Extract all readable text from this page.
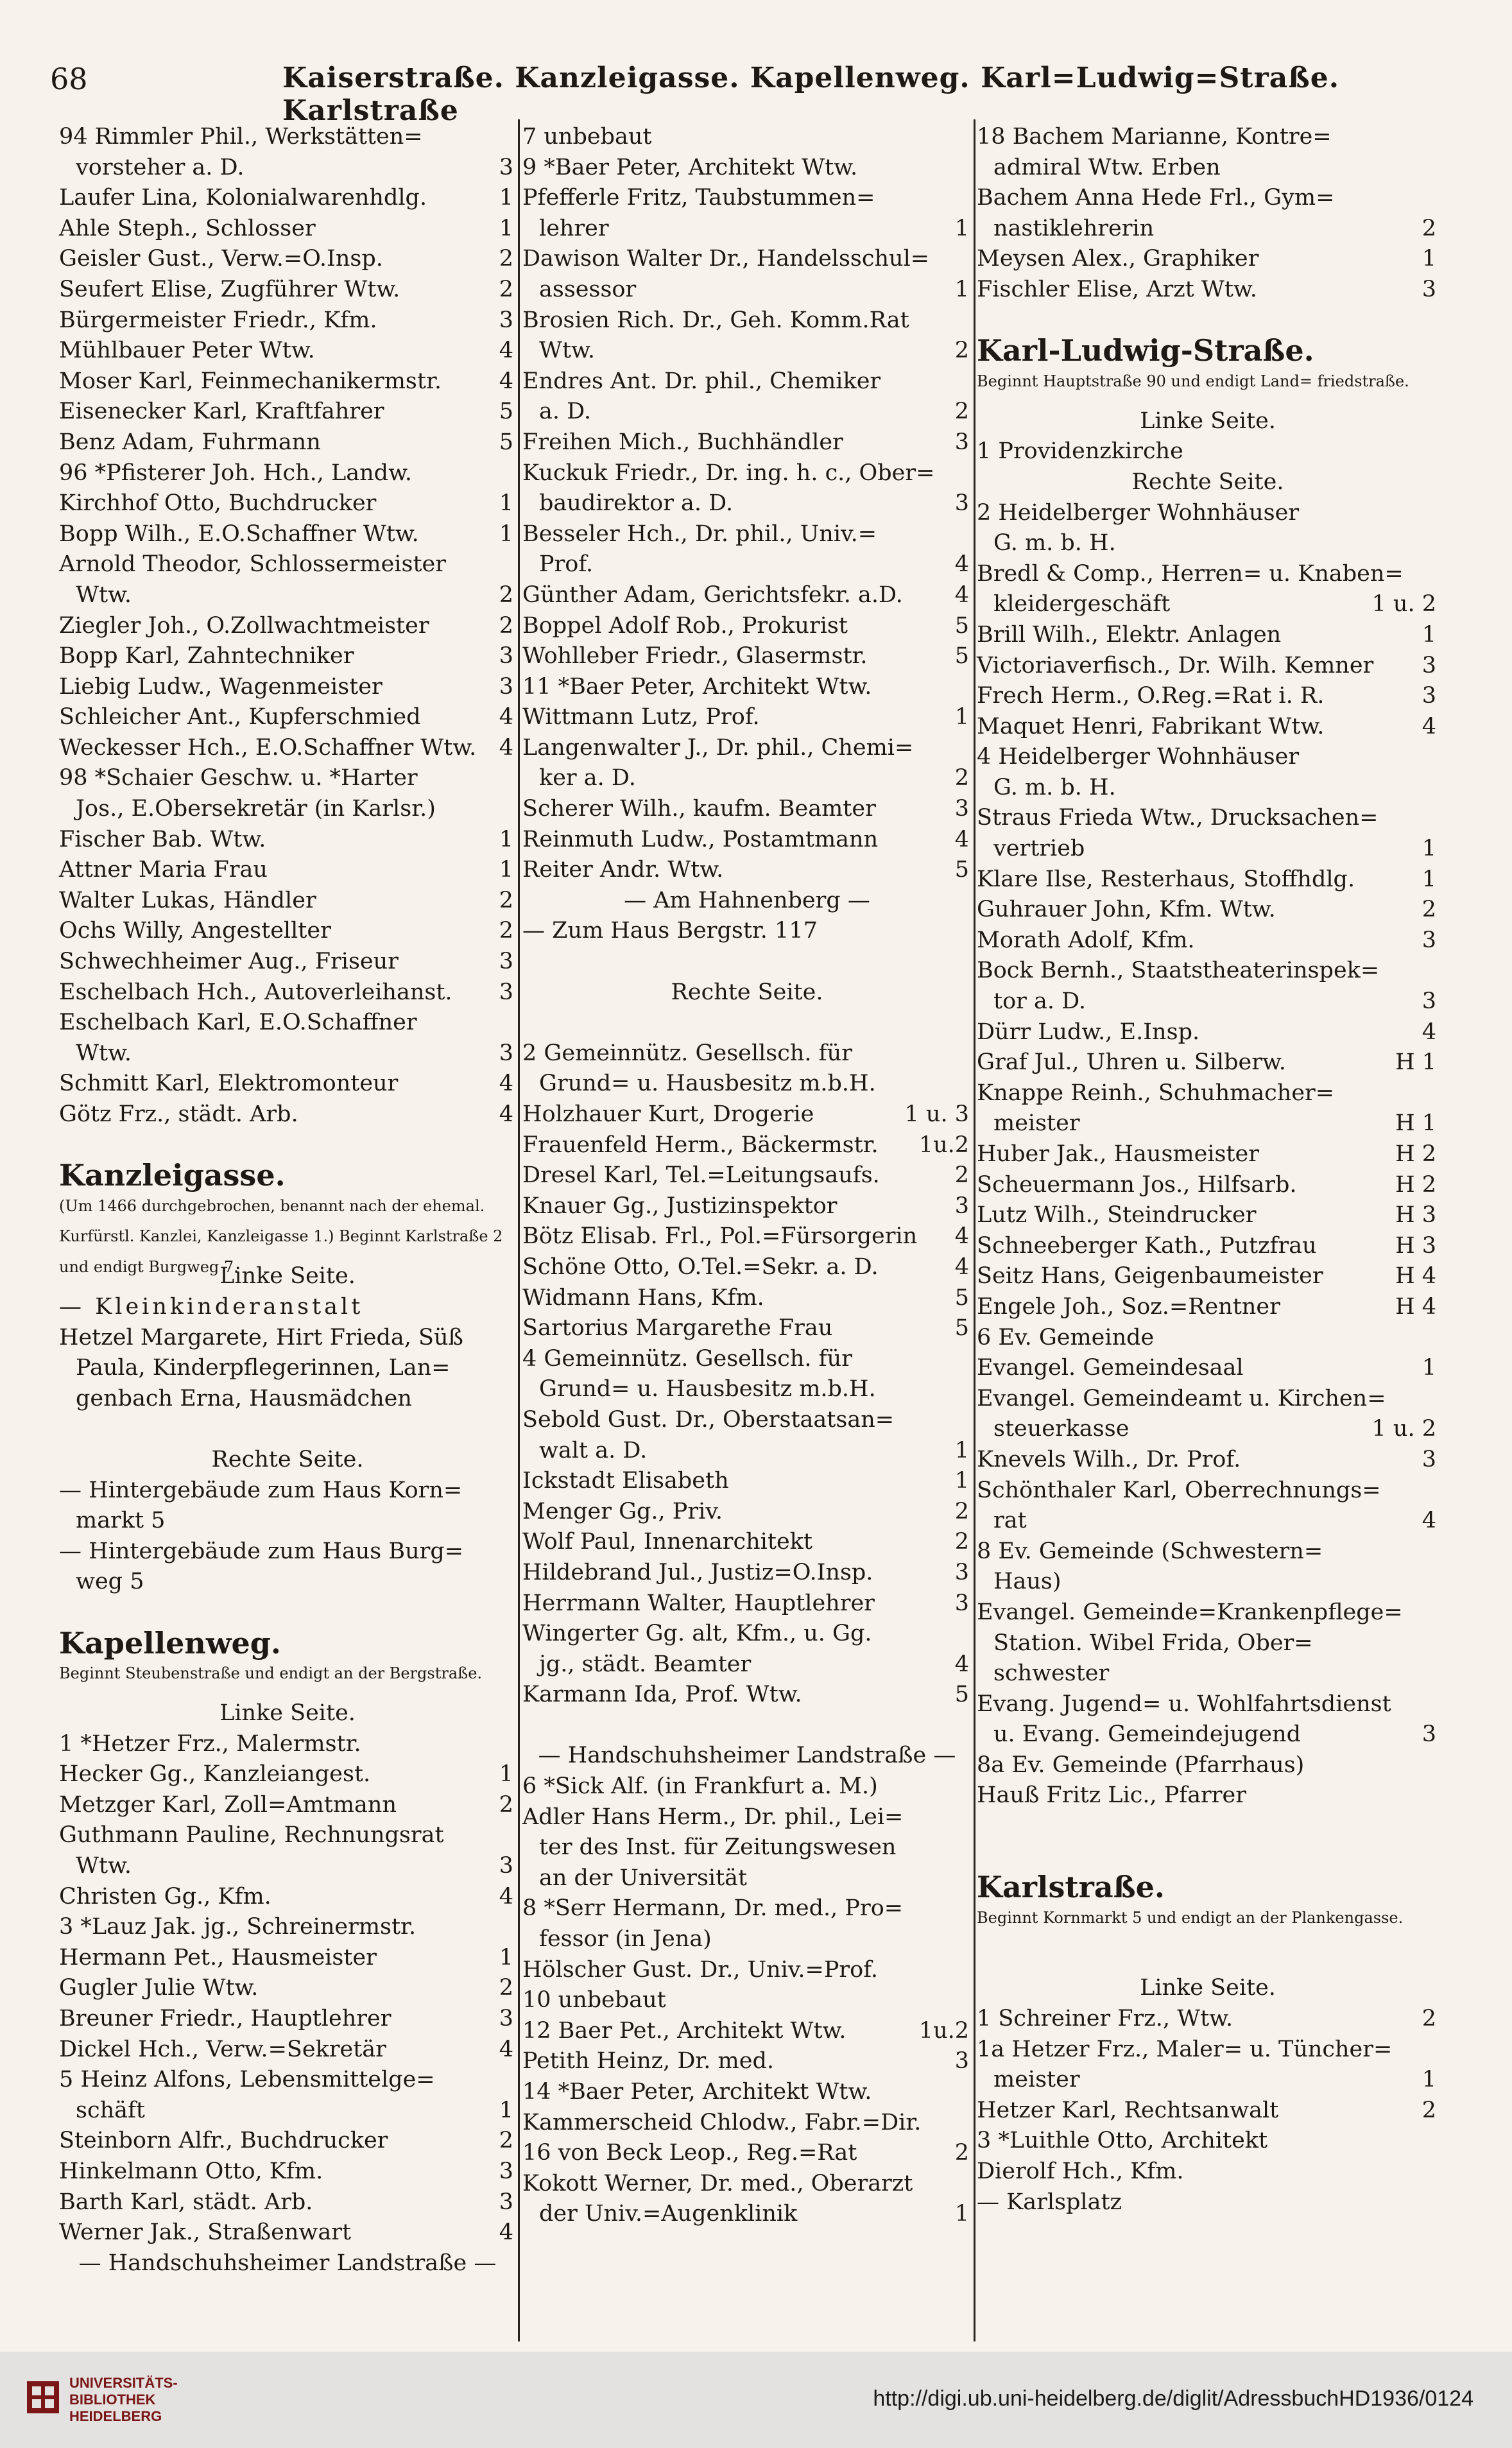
68	Kaiserstraße. Kanzleigasse. Kapellenweg. Karl=Ludwig=Straße. Karlstraße
94 Rimmler Phil., Werkstätten=
vorsteher a. D.	3
Laufer Lina, Kolonialwarenhdlg.	1
Ahle Steph., Schlosser	1
Geisler Gust., Verw.=O.Insp.	2
Seufert Elise, Zugführer Wtw.	2
Bürgermeister Friedr., Kfm.	3
Mühlbauer Peter Wtw.	4
Moser Karl, Feinmechanikermstr.	4
Eisenecker Karl, Kraftfahrer	5
Benz Adam, Fuhrmann	5
96 *Pfisterer Joh. Hch., Landw.
Kirchhof Otto, Buchdrucker	1
Bopp Wilh., E.O.Schaffner Wtw.	1
Arnold Theodor, Schlossermeister
Wtw.	2
Ziegler Joh., O.Zollwachtmeister	2
Bopp Karl, Zahntechniker	3
Liebig Ludw., Wagenmeister	3
Schleicher Ant., Kupferschmied	4
Weckesser Hch., E.O.Schaffner Wtw.	4
98 *Schaier Geschw. u. *Harter
Jos., E.Obersekretär (in Karlsr.)
Fischer Bab. Wtw.	1
Attner Maria Frau	1
Walter Lukas, Händler	2
Ochs Willy, Angestellter	2
Schwechheimer Aug., Friseur	3
Eschelbach Hch., Autoverleihanst.	3
Eschelbach Karl, E.O.Schaffner
Wtw.	3
Schmitt Karl, Elektromonteur	4
Götz Frz., städt. Arb.	4
Kanzleigasse.
(Um 1466 durchgebrochen, benannt nach der ehemal. Kurfürstl. Kanzlei, Kanzleigasse 1.) Beginnt Karlstraße 2 und endigt Burgweg 7.
Linke Seite.
— Kleinkinderanstalt
Hetzel Margarete, Hirt Frieda, Süß
Paula, Kinderpflegerinnen, Lan=
genbach Erna, Hausmädchen
Rechte Seite.
— Hintergebäude zum Haus Korn=
markt 5
— Hintergebäude zum Haus Burg=
weg 5
Kapellenweg.
Beginnt Steubenstraße und endigt an der Bergstraße.
Linke Seite.
1 *Hetzer Frz., Malermstr.
Hecker Gg., Kanzleiangest.	1
Metzger Karl, Zoll=Amtmann	2
Guthmann Pauline, Rechnungsrat
Wtw.	3
Christen Gg., Kfm.	4
3 *Lauz Jak. jg., Schreinermstr.
Hermann Pet., Hausmeister	1
Gugler Julie Wtw.	2
Breuner Friedr., Hauptlehrer	3
Dickel Hch., Verw.=Sekretär	4
5 Heinz Alfons, Lebensmittelge=
schäft	1
Steinborn Alfr., Buchdrucker	2
Hinkelmann Otto, Kfm.	3
Barth Karl, städt. Arb.	3
Werner Jak., Straßenwart	4
— Handschuhsheimer Landstraße —
7 unbebaut
9 *Baer Peter, Architekt Wtw.
Pfefferle Fritz, Taubstummen=
lehrer	1
Dawison Walter Dr., Handelsschul=
assessor	1
Brosien Rich. Dr., Geh. Komm.Rat
Wtw.	2
Endres Ant. Dr. phil., Chemiker
a. D.	2
Freihen Mich., Buchhändler	3
Kuckuk Friedr., Dr. ing. h. c., Ober=
baudirektor a. D.	3
Besseler Hch., Dr. phil., Univ.=
Prof.	4
Günther Adam, Gerichtsfekr. a.D.	4
Boppel Adolf Rob., Prokurist	5
Wohlleber Friedr., Glasermstr.	5
11 *Baer Peter, Architekt Wtw.
Wittmann Lutz, Prof.	1
Langenwalter J., Dr. phil., Chemi=
ker a. D.	2
Scherer Wilh., kaufm. Beamter	3
Reinmuth Ludw., Postamtmann	4
Reiter Andr. Wtw.	5
— Am Hahnenberg —
— Zum Haus Bergstr. 117
Rechte Seite.
2 Gemeinnütz. Gesellsch. für
Grund= u. Hausbesitz m.b.H.
Holzhauer Kurt, Drogerie	1 u. 3
Frauenfeld Herm., Bäckermstr.	1u.2
Dresel Karl, Tel.=Leitungsaufs.	2
Knauer Gg., Justizinspektor	3
Bötz Elisab. Frl., Pol.=Fürsorgerin	4
Schöne Otto, O.Tel.=Sekr. a. D.	4
Widmann Hans, Kfm.	5
Sartorius Margarethe Frau	5
4 Gemeinnütz. Gesellsch. für
Grund= u. Hausbesitz m.b.H.
Sebold Gust. Dr., Oberstaatsan=
walt a. D.	1
Ickstadt Elisabeth	1
Menger Gg., Priv.	2
Wolf Paul, Innenarchitekt	2
Hildebrand Jul., Justiz=O.Insp.	3
Herrmann Walter, Hauptlehrer	3
Wingerter Gg. alt, Kfm., u. Gg.
jg., städt. Beamter	4
Karmann Ida, Prof. Wtw.	5
— Handschuhsheimer Landstraße —
6 *Sick Alf. (in Frankfurt a. M.)
Adler Hans Herm., Dr. phil., Lei=
ter des Inst. für Zeitungswesen
an der Universität
8 *Serr Hermann, Dr. med., Pro=
fessor (in Jena)
Hölscher Gust. Dr., Univ.=Prof.
10 unbebaut
12 Baer Pet., Architekt Wtw.	1u.2
Petith Heinz, Dr. med.	3
14 *Baer Peter, Architekt Wtw.
Kammerscheid Chlodw., Fabr.=Dir.
16 von Beck Leop., Reg.=Rat	2
Kokott Werner, Dr. med., Oberarzt
der Univ.=Augenklinik	1
18 Bachem Marianne, Kontre=
admiral Wtw. Erben
Bachem Anna Hede Frl., Gym=
nastiklehrerin	2
Meysen Alex., Graphiker	1
Fischler Elise, Arzt Wtw.	3
Karl-Ludwig-Straße.
Beginnt Hauptstraße 90 und endigt Land= friedstraße.
Linke Seite.
1 Providenzkirche
Rechte Seite.
2 Heidelberger Wohnhäuser
G. m. b. H.
Bredl & Comp., Herren= u. Knaben=
kleidergeschäft	1 u. 2
Brill Wilh., Elektr. Anlagen	1
Victoriaverfisch., Dr. Wilh. Kemner	3
Frech Herm., O.Reg.=Rat i. R.	3
Maquet Henri, Fabrikant Wtw.	4
4 Heidelberger Wohnhäuser
G. m. b. H.
Straus Frieda Wtw., Drucksachen=
vertrieb	1
Klare Ilse, Resterhaus, Stoffhdlg.	1
Guhrauer John, Kfm. Wtw.	2
Morath Adolf, Kfm.	3
Bock Bernh., Staatstheaterinspek=
tor a. D.	3
Dürr Ludw., E.Insp.	4
Graf Jul., Uhren u. Silberw.	H 1
Knappe Reinh., Schuhmacher=
meister	H 1
Huber Jak., Hausmeister	H 2
Scheuermann Jos., Hilfsarb.	H 2
Lutz Wilh., Steindrucker	H 3
Schneeberger Kath., Putzfrau	H 3
Seitz Hans, Geigenbaumeister	H 4
Engele Joh., Soz.=Rentner	H 4
6 Ev. Gemeinde
Evangel. Gemeindesaal	1
Evangel. Gemeindeamt u. Kirchen=
steuerkasse	1 u. 2
Knevels Wilh., Dr. Prof.	3
Schönthaler Karl, Oberrechnungs=
rat	4
8 Ev. Gemeinde (Schwestern=
Haus)
Evangel. Gemeinde=Krankenpflege=
Station. Wibel Frida, Ober=
schwester
Evang. Jugend= u. Wohlfahrtsdienst
u. Evang. Gemeindejugend	3
8a Ev. Gemeinde (Pfarrhaus)
Hauß Fritz Lic., Pfarrer
Karlstraße.
Beginnt Kornmarkt 5 und endigt an der Plankengasse.
Linke Seite.
1 Schreiner Frz., Wtw.	2
1a Hetzer Frz., Maler= u. Tüncher=
meister	1
Hetzer Karl, Rechtsanwalt	2
3 *Luithle Otto, Architekt
Dierolf Hch., Kfm.
— Karlsplatz
UNIVERSITÄTS-
BIBLIOTHEK
HEIDELBERG
http://digi.ub.uni-heidelberg.de/diglit/AdressbuchHD1936/0124
